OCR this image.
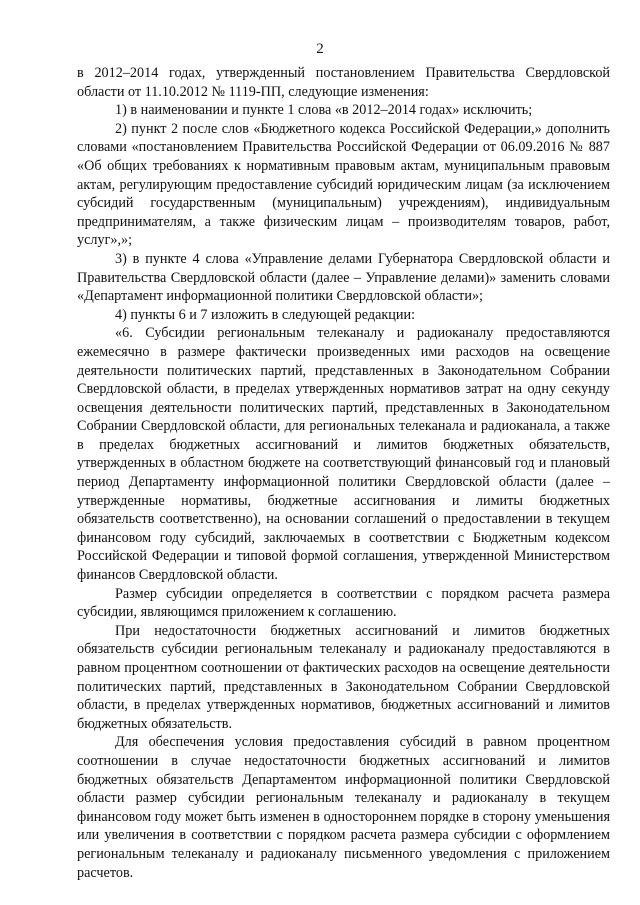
2

в 2012–2014 годах, утвержденный постановлением Правительства Свердловской области от 11.10.2012 № 1119-ПП, следующие изменения:

1) в наименовании и пункте 1 слова «в 2012–2014 годах» исключить;

2) пункт 2 после слов «Бюджетного кодекса Российской Федерации,» дополнить словами «постановлением Правительства Российской Федерации от 06.09.2016 № 887 «Об общих требованиях к нормативным правовым актам, муниципальным правовым актам, регулирующим предоставление субсидий юридическим лицам (за исключением субсидий государственным (муниципальным) учреждениям), индивидуальным предпринимателям, а также физическим лицам – производителям товаров, работ, услуг»,»;

3) в пункте 4 слова «Управление делами Губернатора Свердловской области и Правительства Свердловской области (далее – Управление делами)» заменить словами «Департамент информационной политики Свердловской области»;

4) пункты 6 и 7 изложить в следующей редакции:

«6. Субсидии региональным телеканалу и радиоканалу предоставляются ежемесячно в размере фактически произведенных ими расходов на освещение деятельности политических партий, представленных в Законодательном Собрании Свердловской области, в пределах утвержденных нормативов затрат на одну секунду освещения деятельности политических партий, представленных в Законодательном Собрании Свердловской области, для региональных телеканала и радиоканала, а также в пределах бюджетных ассигнований и лимитов бюджетных обязательств, утвержденных в областном бюджете на соответствующий финансовый год и плановый период Департаменту информационной политики Свердловской области (далее – утвержденные нормативы, бюджетные ассигнования и лимиты бюджетных обязательств соответственно), на основании соглашений о предоставлении в текущем финансовом году субсидий, заключаемых в соответствии с Бюджетным кодексом Российской Федерации и типовой формой соглашения, утвержденной Министерством финансов Свердловской области.

Размер субсидии определяется в соответствии с порядком расчета размера субсидии, являющимся приложением к соглашению.

При недостаточности бюджетных ассигнований и лимитов бюджетных обязательств субсидии региональным телеканалу и радиоканалу предоставляются в равном процентном соотношении от фактических расходов на освещение деятельности политических партий, представленных в Законодательном Собрании Свердловской области, в пределах утвержденных нормативов, бюджетных ассигнований и лимитов бюджетных обязательств.

Для обеспечения условия предоставления субсидий в равном процентном соотношении в случае недостаточности бюджетных ассигнований и лимитов бюджетных обязательств Департаментом информационной политики Свердловской области размер субсидии региональным телеканалу и радиоканалу в текущем финансовом году может быть изменен в одностороннем порядке в сторону уменьшения или увеличения в соответствии с порядком расчета размера субсидии с оформлением региональным телеканалу и радиоканалу письменного уведомления с приложением расчетов.
